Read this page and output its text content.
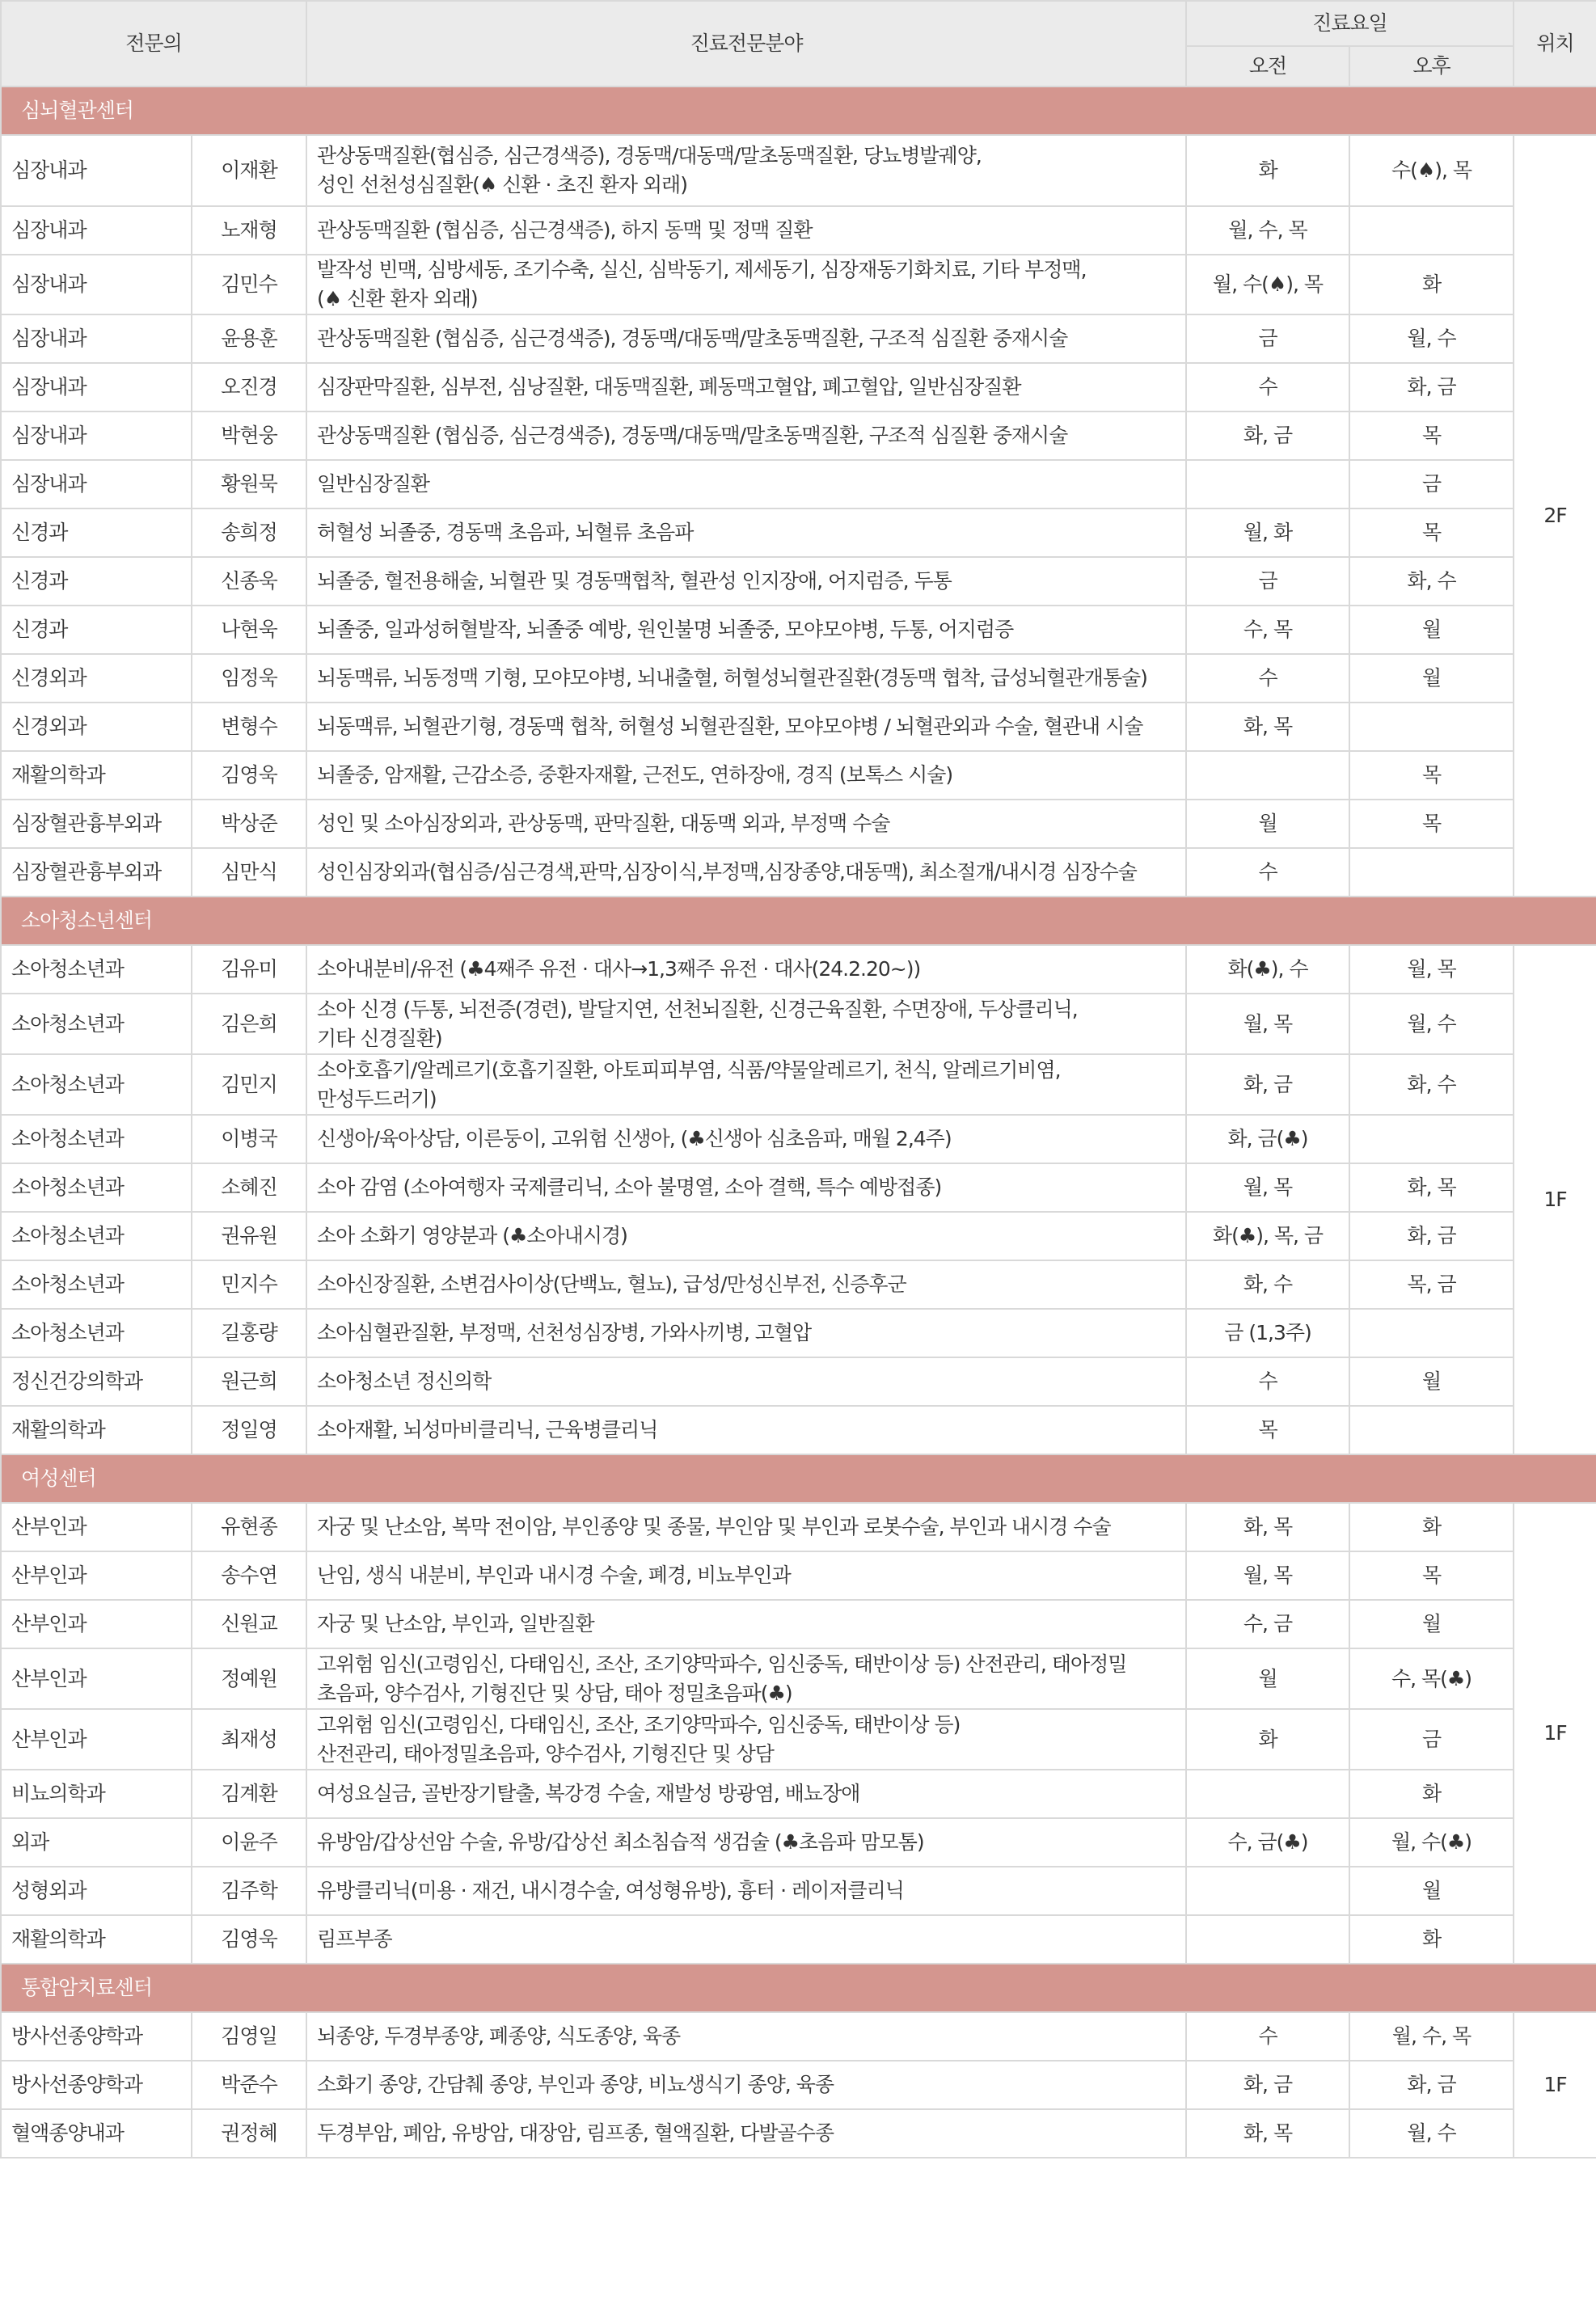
전문의		진료전문분야	진료요일		위치
			오전	오후	
심뇌혈관센터					
심장내과	이재환	관상동맥질환(협심증, 심근경색증), 경동맥/대동맥/말초동맥질환, 당뇨병발궤양,
성인 선천성심질환(♠ 신환 · 초진 환자 외래)	화	수(♠), 목	2F
심장내과	노재형	관상동맥질환 (협심증, 심근경색증), 하지 동맥 및 정맥 질환	월, 수, 목		
심장내과	김민수	발작성 빈맥, 심방세동, 조기수축, 실신, 심박동기, 제세동기, 심장재동기화치료, 기타 부정맥,
(♠ 신환 환자 외래)	월, 수(♠), 목	화	
심장내과	윤용훈	관상동맥질환 (협심증, 심근경색증), 경동맥/대동맥/말초동맥질환, 구조적 심질환 중재시술	금	월, 수	
심장내과	오진경	심장판막질환, 심부전, 심낭질환, 대동맥질환, 폐동맥고혈압, 폐고혈압, 일반심장질환	수	화, 금	
심장내과	박현웅	관상동맥질환 (협심증, 심근경색증), 경동맥/대동맥/말초동맥질환, 구조적 심질환 중재시술	화, 금	목	
심장내과	황원묵	일반심장질환		금	
신경과	송희정	허혈성 뇌졸중, 경동맥 초음파, 뇌혈류 초음파	월, 화	목	
신경과	신종욱	뇌졸중, 혈전용해술, 뇌혈관 및 경동맥협착, 혈관성 인지장애, 어지럼증, 두통	금	화, 수	
신경과	나현욱	뇌졸중, 일과성허혈발작, 뇌졸중 예방, 원인불명 뇌졸중, 모야모야병, 두통, 어지럼증	수, 목	월	
신경외과	임정욱	뇌동맥류, 뇌동정맥 기형, 모야모야병, 뇌내출혈, 허혈성뇌혈관질환(경동맥 협착, 급성뇌혈관개통술)	수	월	
신경외과	변형수	뇌동맥류, 뇌혈관기형, 경동맥 협착, 허혈성 뇌혈관질환, 모야모야병 / 뇌혈관외과 수술, 혈관내 시술	화, 목		
재활의학과	김영욱	뇌졸중, 암재활, 근감소증, 중환자재활, 근전도, 연하장애, 경직 (보톡스 시술)		목	
심장혈관흉부외과	박상준	성인 및 소아심장외과, 관상동맥, 판막질환, 대동맥 외과, 부정맥 수술	월	목	
심장혈관흉부외과	심만식	성인심장외과(협심증/심근경색,판막,심장이식,부정맥,심장종양,대동맥), 최소절개/내시경 심장수술	수		
소아청소년센터					
소아청소년과	김유미	소아내분비/유전 (♣4째주 유전 · 대사→1,3째주 유전 · 대사(24.2.20~))	화(♣), 수	월, 목	1F
소아청소년과	김은희	소아 신경 (두통, 뇌전증(경련), 발달지연, 선천뇌질환, 신경근육질환, 수면장애, 두상클리닉,
기타 신경질환)	월, 목	월, 수	
소아청소년과	김민지	소아호흡기/알레르기(호흡기질환, 아토피피부염, 식품/약물알레르기, 천식, 알레르기비염,
만성두드러기)	화, 금	화, 수	
소아청소년과	이병국	신생아/육아상담, 이른둥이, 고위험 신생아, (♣신생아 심초음파, 매월 2,4주)	화, 금(♣)		
소아청소년과	소혜진	소아 감염 (소아여행자 국제클리닉, 소아 불명열, 소아 결핵, 특수 예방접종)	월, 목	화, 목	
소아청소년과	권유원	소아 소화기 영양분과 (♣소아내시경)	화(♣), 목, 금	화, 금	
소아청소년과	민지수	소아신장질환, 소변검사이상(단백뇨, 혈뇨), 급성/만성신부전, 신증후군	화, 수	목, 금	
소아청소년과	길홍량	소아심혈관질환, 부정맥, 선천성심장병, 가와사끼병, 고혈압	금 (1,3주)		
정신건강의학과	원근희	소아청소년 정신의학	수	월	
재활의학과	정일영	소아재활, 뇌성마비클리닉, 근육병클리닉	목		
여성센터					
산부인과	유현종	자궁 및 난소암, 복막 전이암, 부인종양 및 종물, 부인암 및 부인과 로봇수술, 부인과 내시경 수술	화, 목	화	1F
산부인과	송수연	난임, 생식 내분비, 부인과 내시경 수술, 폐경, 비뇨부인과	월, 목	목	
산부인과	신원교	자궁 및 난소암, 부인과, 일반질환	수, 금	월	
산부인과	정예원	고위험 임신(고령임신, 다태임신, 조산, 조기양막파수, 임신중독, 태반이상 등) 산전관리, 태아정밀
초음파, 양수검사, 기형진단 및 상담, 태아 정밀초음파(♣)	월	수, 목(♣)	
산부인과	최재성	고위험 임신(고령임신, 다태임신, 조산, 조기양막파수, 임신중독, 태반이상 등)
산전관리, 태아정밀초음파, 양수검사, 기형진단 및 상담	화	금	
비뇨의학과	김계환	여성요실금, 골반장기탈출, 복강경 수술, 재발성 방광염, 배뇨장애		화	
외과	이윤주	유방암/갑상선암 수술, 유방/갑상선 최소침습적 생검술 (♣초음파 맘모톰)	수, 금(♣)	월, 수(♣)	
성형외과	김주학	유방클리닉(미용 · 재건, 내시경수술, 여성형유방), 흉터 · 레이저클리닉		월	
재활의학과	김영욱	림프부종		화	
통합암치료센터					
방사선종양학과	김영일	뇌종양, 두경부종양, 폐종양, 식도종양, 육종	수	월, 수, 목	1F
방사선종양학과	박준수	소화기 종양, 간담췌 종양, 부인과 종양, 비뇨생식기 종양, 육종	화, 금	화, 금	
혈액종양내과	권정혜	두경부암, 폐암, 유방암, 대장암, 림프종, 혈액질환, 다발골수종	화, 목	월, 수	
